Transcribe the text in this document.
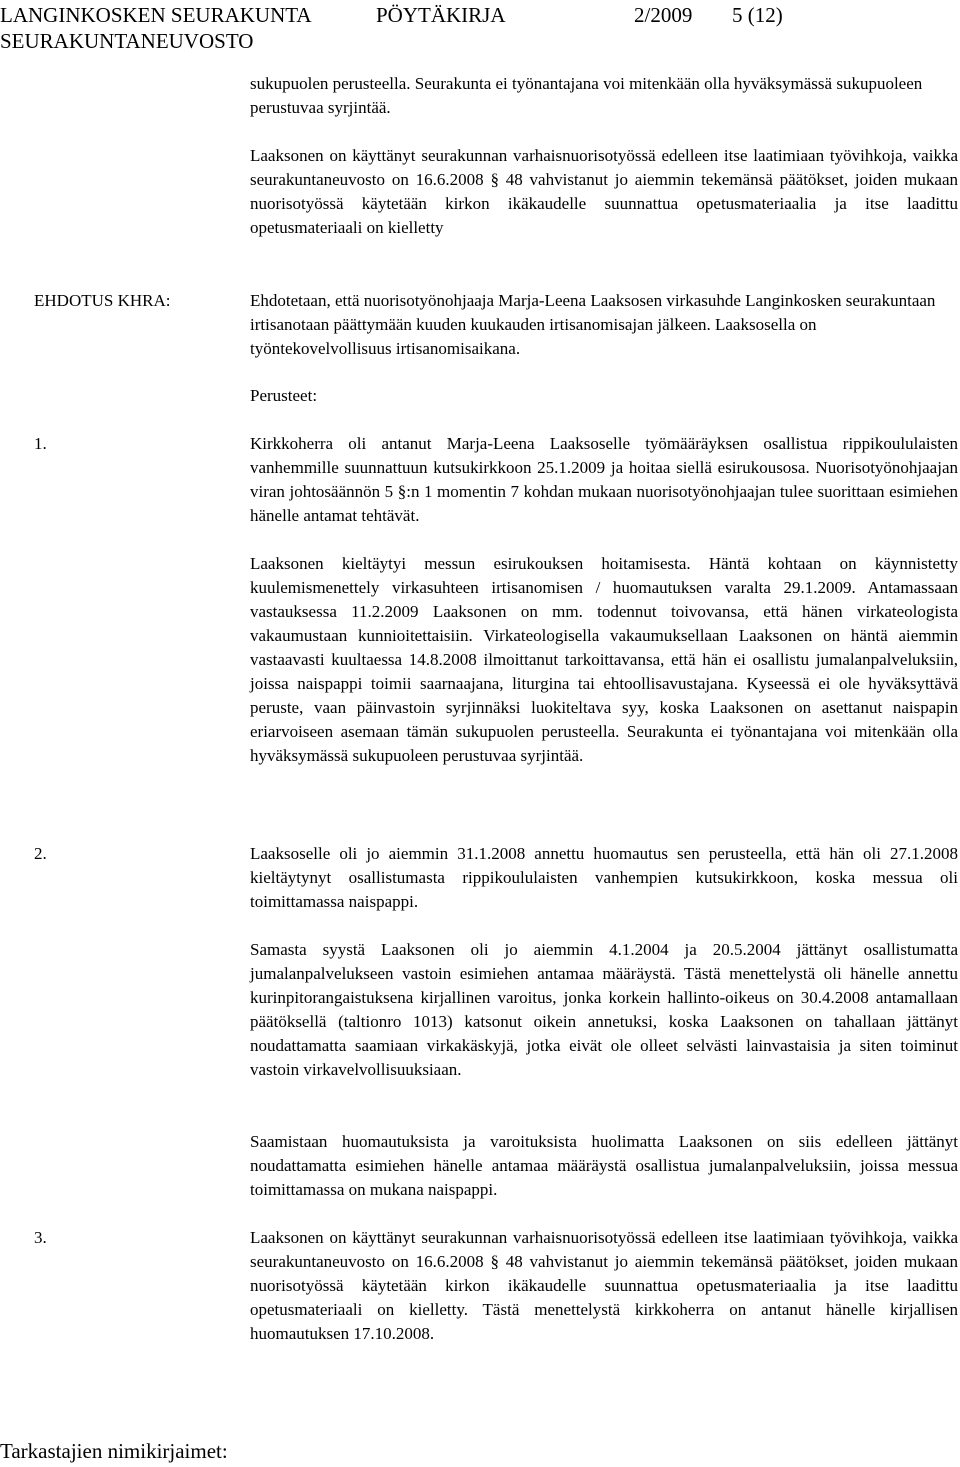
LANGINKOSKEN SEURAKUNTA	PÖYTÄKIRJA	2/2009 5 (12)
SEURAKUNTANEUVOSTO

sukupuolen perusteella. Seurakunta ei työnantajana voi mitenkään olla hyväksymässä sukupuoleen perustuvaa syrjintää.

Laaksonen on käyttänyt seurakunnan varhaisnuorisotyössä edelleen itse laatimiaan työvihkoja, vaikka seurakuntaneuvosto on 16.6.2008 § 48 vahvistanut jo aiemmin tekemänsä päätökset, joiden mukaan nuorisotyössä käytetään kirkon ikäkaudelle suunnattua opetusmateriaalia ja itse laadittu opetusmateriaali on kielletty

EHDOTUS KHRA:	Ehdotetaan, että nuorisotyönohjaaja Marja-Leena Laaksosen virkasuhde Langinkosken seurakuntaan irtisanotaan päättymään kuuden kuukauden irtisanomisajan jälkeen. Laaksosella on työntekovelvollisuus irtisanomisaikana.

Perusteet:

1.	Kirkkoherra oli antanut Marja-Leena Laaksoselle työmääräyksen osallistua rippikoululaisten vanhemmille suunnattuun kutsukirkkoon 25.1.2009 ja hoitaa siellä esirukousosa. Nuorisotyönohjaajan viran johtosäännön 5 §:n 1 momentin 7 kohdan mukaan nuorisotyönohjaajan tulee suorittaan esimiehen hänelle antamat tehtävät.

Laaksonen kieltäytyi messun esirukouksen hoitamisesta. Häntä kohtaan on käynnistetty kuulemismenettely virkasuhteen irtisanomisen / huomautuksen varalta 29.1.2009. Antamassaan vastauksessa 11.2.2009 Laaksonen on mm. todennut toivovansa, että hänen virkateologista vakaumustaan kunnioitettaisiin. Virkateologisella vakaumuksellaan Laaksonen on häntä aiemmin vastaavasti kuultaessa 14.8.2008 ilmoittanut tarkoittavansa, että hän ei osallistu jumalanpalveluksiin, joissa naispappi toimii saarnaajana, liturgina tai ehtoollisavustajana. Kyseessä ei ole hyväksyttävä peruste, vaan päinvastoin syrjinnäksi luokiteltava syy, koska Laaksonen on asettanut naispapin eriarvoiseen asemaan tämän sukupuolen perusteella. Seurakunta ei työnantajana voi mitenkään olla hyväksymässä sukupuoleen perustuvaa syrjintää.

2.	Laaksoselle oli jo aiemmin 31.1.2008 annettu huomautus sen perusteella, että hän oli 27.1.2008 kieltäytynyt osallistumasta rippikoululaisten vanhempien kutsukirkkoon, koska messua oli toimittamassa naispappi.

Samasta syystä Laaksonen oli jo aiemmin 4.1.2004 ja 20.5.2004 jättänyt osallistumatta jumalanpalvelukseen vastoin esimiehen antamaa määräystä. Tästä menettelystä oli hänelle annettu kurinpitorangaistuksena kirjallinen varoitus, jonka korkein hallinto-oikeus on 30.4.2008 antamallaan päätöksellä (taltionro 1013) katsonut oikein annetuksi, koska Laaksonen on tahallaan jättänyt noudattamatta saamiaan virkakäskyjä, jotka eivät ole olleet selvästi lainvastaisia ja siten toiminut vastoin virkavelvollisuuksiaan.

Saamistaan huomautuksista ja varoituksista huolimatta Laaksonen on siis edelleen jättänyt noudattamatta esimiehen hänelle antamaa määräystä osallistua jumalanpalveluksiin, joissa messua toimittamassa on mukana naispappi.

3.	Laaksonen on käyttänyt seurakunnan varhaisnuorisotyössä edelleen itse laatimiaan työvihkoja, vaikka seurakuntaneuvosto on 16.6.2008 § 48 vahvistanut jo aiemmin tekemänsä päätökset, joiden mukaan nuorisotyössä käytetään kirkon ikäkaudelle suunnattua opetusmateriaalia ja itse laadittu opetusmateriaali on kielletty. Tästä menettelystä kirkkoherra on antanut hänelle kirjallisen huomautuksen 17.10.2008.

Tarkastajien nimikirjaimet:
